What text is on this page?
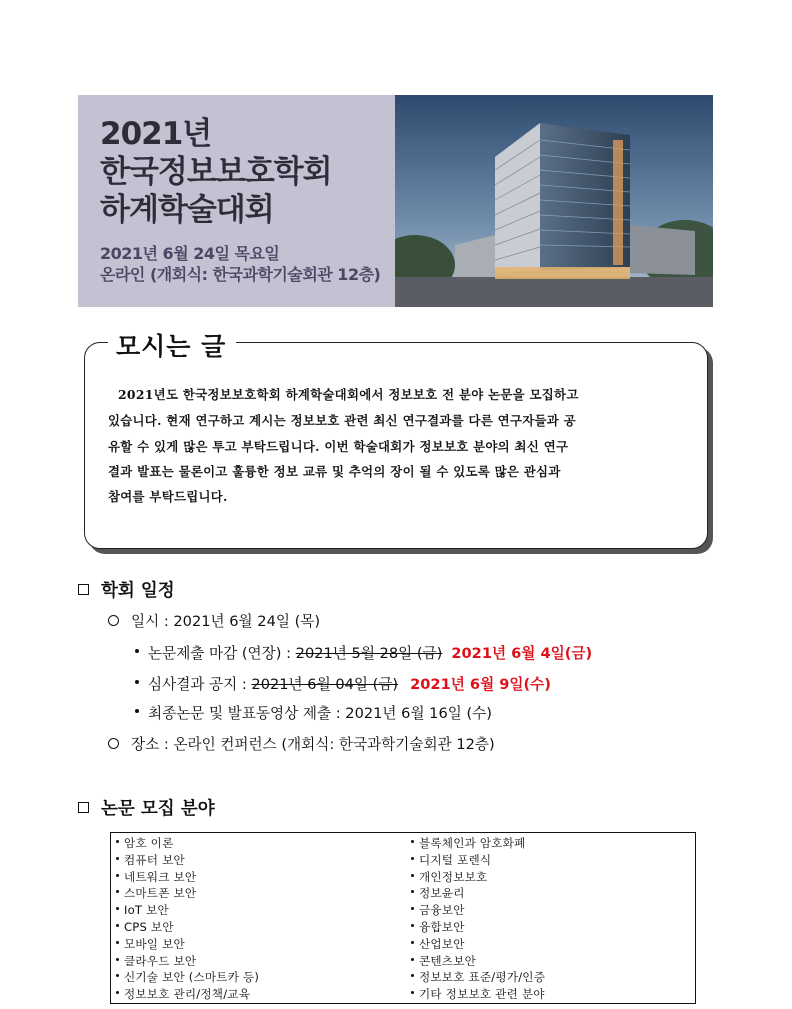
2021년
한국정보보호학회
하계학술대회
2021년 6월 24일 목요일
온라인 (개회식: 한국과학기술회관 12층)
모시는 글
2021년도 한국정보보호학회 하계학술대회에서 정보보호 전 분야 논문을 모집하고
있습니다. 현재 연구하고 계시는 정보보호 관련 최신 연구결과를 다른 연구자들과 공
유할 수 있게 많은 투고 부탁드립니다. 이번 학술대회가 정보보호 분야의 최신 연구
결과 발표는 물론이고 훌륭한 정보 교류 및 추억의 장이 될 수 있도록 많은 관심과
참여를 부탁드립니다.
학회 일정
일시 : 2021년 6월 24일 (목)
논문제출 마감 (연장) : 2021년 5월 28일 (금) 2021년 6월 4일(금)
심사결과 공지 : 2021년 6월 04일 (금) 2021년 6월 9일(수)
최종논문 및 발표동영상 제출 : 2021년 6월 16일 (수)
장소 : 온라인 컨퍼런스 (개회식: 한국과학기술회관 12층)
논문 모집 분야
암호 이론
컴퓨터 보안
네트워크 보안
스마트폰 보안
IoT 보안
CPS 보안
모바일 보안
클라우드 보안
신기술 보안 (스마트카 등)
정보보호 관리/정책/교육
블록체인과 암호화폐
디지털 포렌식
개인정보보호
정보윤리
금융보안
융합보안
산업보안
콘텐츠보안
정보보호 표준/평가/인증
기타 정보보호 관련 분야
